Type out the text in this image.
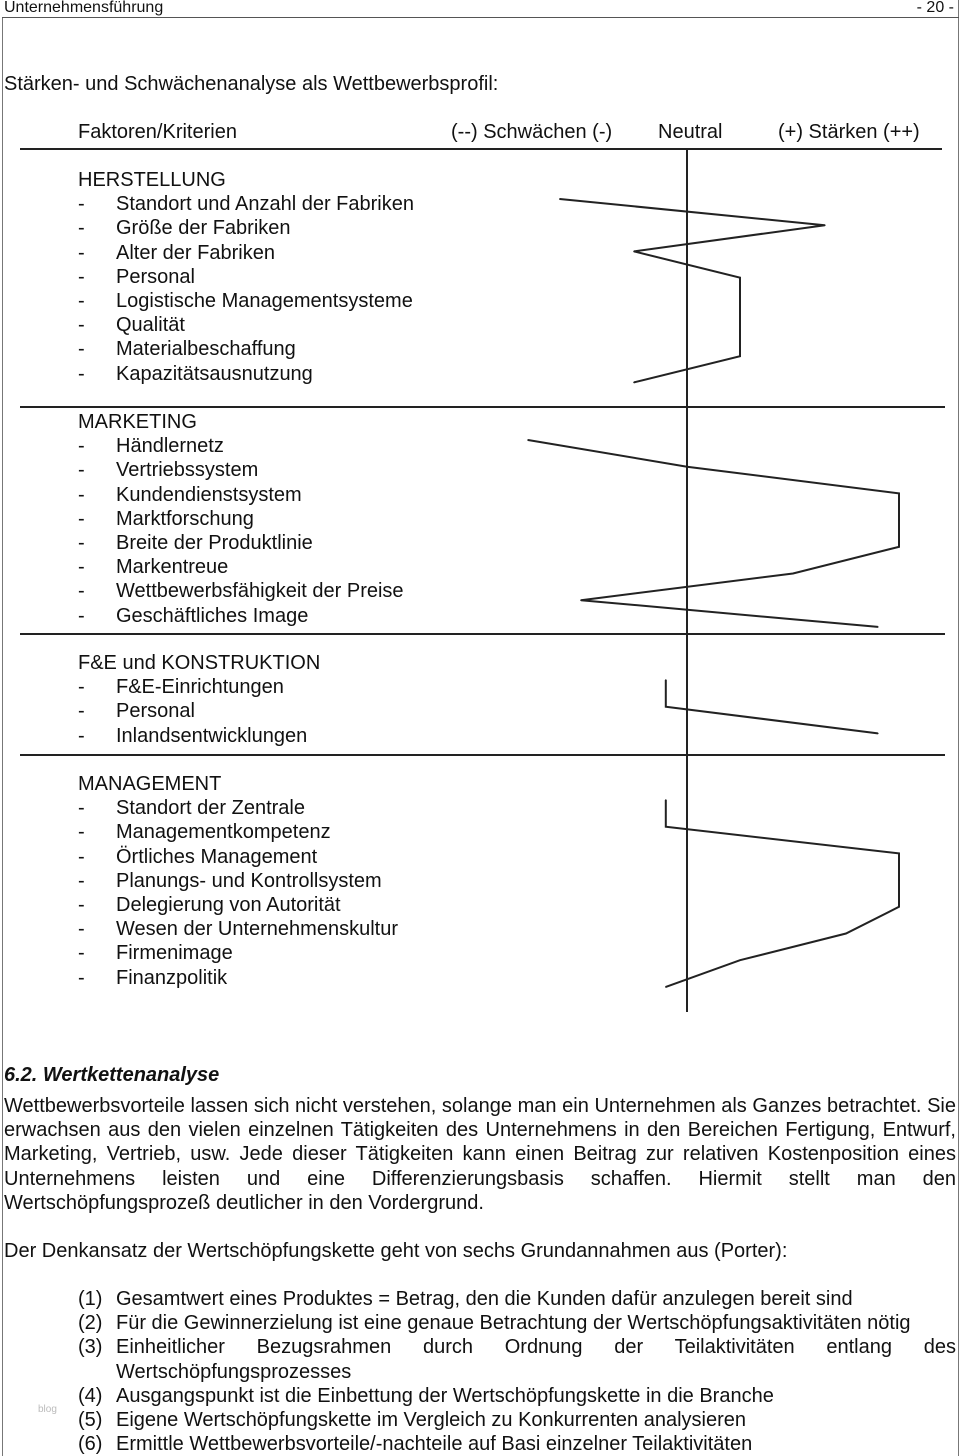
Unternehmensführung	- 20 -
Stärken- und Schwächenanalyse als Wettbewerbsprofil:
Faktoren/Kriterien	(--) Schwächen (-) Neutral	(+) Stärken (++)
HERSTELLUNG
- Standort und Anzahl der Fabriken
- Größe der Fabriken
- Alter der Fabriken
- Personal
- Logistische Managementsysteme
- Qualität
- Materialbeschaffung
- Kapazitätsausnutzung
MARKETING
- Händlernetz
- Vertriebssystem
- Kundendienstsystem
- Marktforschung
- Breite der Produktlinie
- Markentreue
- Wettbewerbsfähigkeit der Preise
- Geschäftliches Image
F&E und KONSTRUKTION
- F&E-Einrichtungen
- Personal
- Inlandsentwicklungen
MANAGEMENT
- Standort der Zentrale
- Managementkompetenz
- Örtliches Management
- Planungs- und Kontrollsystem
- Delegierung von Autorität
- Wesen der Unternehmenskultur
- Firmenimage
- Finanzpolitik
6.2. Wertkettenanalyse
Wettbewerbsvorteile lassen sich nicht verstehen, solange man ein Unternehmen als Ganzes betrachtet. Sie erwachsen aus den vielen einzelnen Tätigkeiten des Unternehmens in den Bereichen Fertigung, Entwurf, Marketing, Vertrieb, usw. Jede dieser Tätigkeiten kann einen Beitrag zur relativen Kostenposition eines Unternehmens leisten und eine Differenzierungsbasis schaffen. Hiermit stellt man den Wertschöpfungsprozeß deutlicher in den Vordergrund.
Der Denkansatz der Wertschöpfungskette geht von sechs Grundannahmen aus (Porter):
(1) Gesamtwert eines Produktes = Betrag, den die Kunden dafür anzulegen bereit sind
(2) Für die Gewinnerzielung ist eine genaue Betrachtung der Wertschöpfungsaktivitäten nötig
(3) Einheitlicher Bezugsrahmen durch Ordnung der Teilaktivitäten entlang des Wertschöpfungsprozesses
(4) Ausgangspunkt ist die Einbettung der Wertschöpfungskette in die Branche
(5) Eigene Wertschöpfungskette im Vergleich zu Konkurrenten analysieren
(6) Ermittle Wettbewerbsvorteile/-nachteile auf Basi einzelner Teilaktivitäten
blog
